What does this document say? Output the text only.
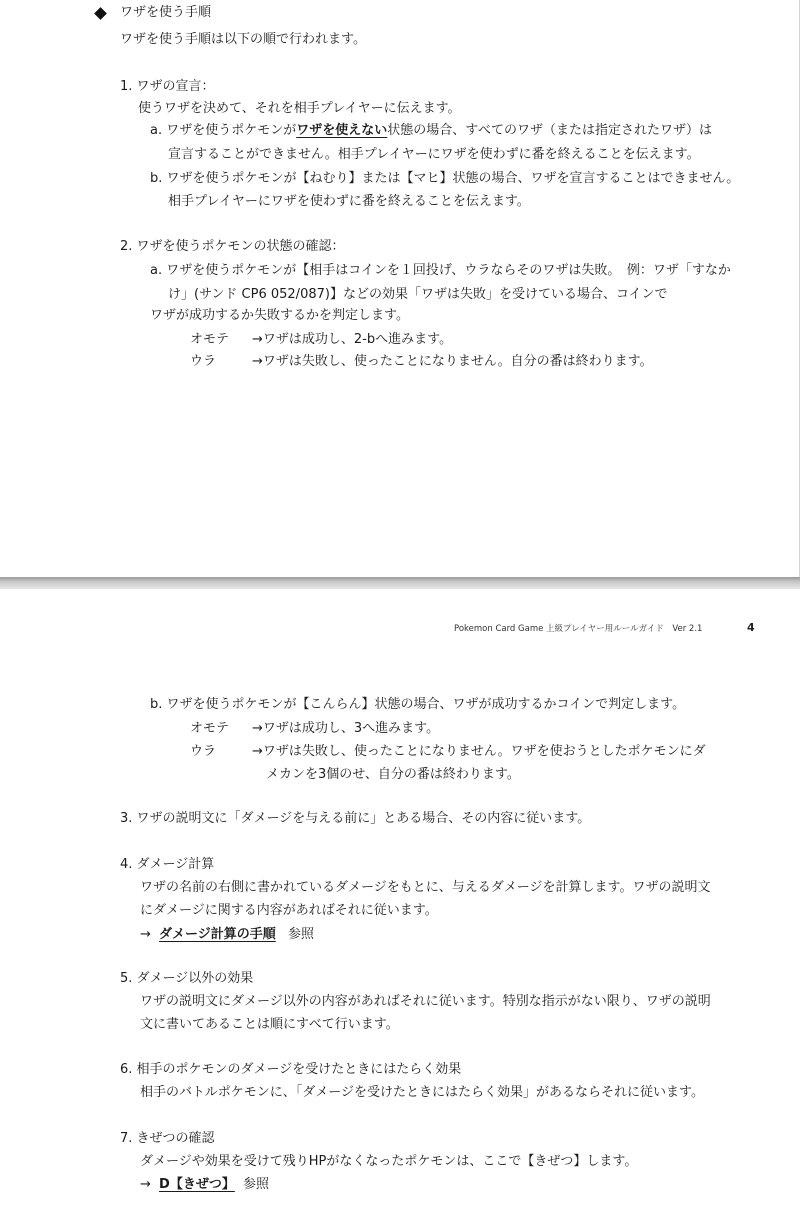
ワザを使う手順
ワザを使う手順は以下の順で行われます。
1. ワザの宣言：
使うワザを決めて、それを相手プレイヤーに伝えます。
a. ワザを使うポケモンがワザを使えない状態の場合、すべてのワザ（または指定されたワザ）は
宣言することができません。相手プレイヤーにワザを使わずに番を終えることを伝えます。
b. ワザを使うポケモンが【ねむり】または【マヒ】状態の場合、ワザを宣言することはできません。
相手プレイヤーにワザを使わずに番を終えることを伝えます。
2. ワザを使うポケモンの状態の確認：
a. ワザを使うポケモンが【相手はコインを１回投げ、ウラならそのワザは失敗。　例：ワザ「すなか
け」(サンド CP6 052/087)】などの効果「ワザは失敗」を受けている場合、コインで
ワザが成功するか失敗するかを判定します。
オモテ →ワザは成功し、2-bへ進みます。
ウラ	→ワザは失敗し、使ったことになりません。自分の番は終わります。
Pokemon Card Game 上級プレイヤー用ルールガイド　Ver 2.1	4
b. ワザを使うポケモンが【こんらん】状態の場合、ワザが成功するかコインで判定します。
オモテ →ワザは成功し、3へ進みます。
ウラ	→ワザは失敗し、使ったことになりません。ワザを使おうとしたポケモンにダ
メカンを3個のせ、自分の番は終わります。
3. ワザの説明文に「ダメージを与える前に」とある場合、その内容に従います。
4. ダメージ計算
ワザの名前の右側に書かれているダメージをもとに、与えるダメージを計算します。ワザの説明文
にダメージに関する内容があればそれに従います。
→ ダメージ計算の手順 参照
5. ダメージ以外の効果
ワザの説明文にダメージ以外の内容があればそれに従います。特別な指示がない限り、ワザの説明
文に書いてあることは順にすべて行います。
6. 相手のポケモンのダメージを受けたときにはたらく効果
相手のバトルポケモンに、「ダメージを受けたときにはたらく効果」があるならそれに従います。
7. きぜつの確認
ダメージや効果を受けて残りHPがなくなったポケモンは、ここで【きぜつ】します。
→ D【きぜつ】 参照
